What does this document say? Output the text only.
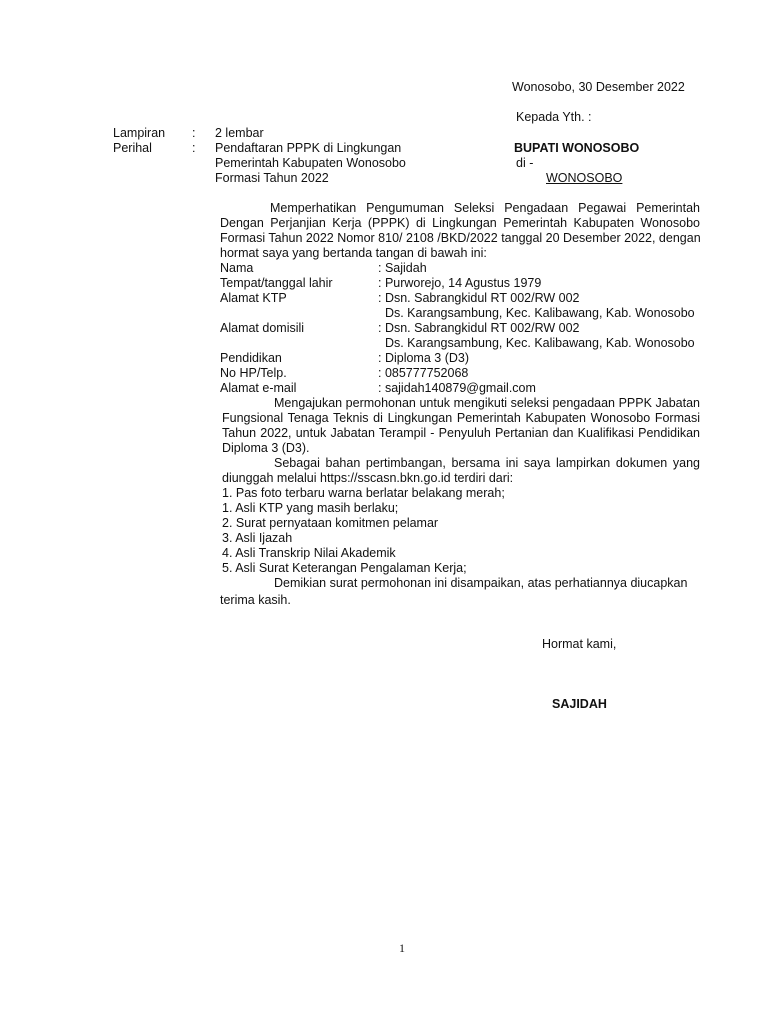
Wonosobo, 30 Desember 2022
Kepada Yth. :
BUPATI WONOSOBO
di -
WONOSOBO
Lampiran : 2 lembar
Perihal	: Pendaftaran PPPK di Lingkungan
Pemerintah Kabupaten Wonosobo
Formasi Tahun 2022
Memperhatikan Pengumuman Seleksi Pengadaan Pegawai Pemerintah
Dengan Perjanjian Kerja (PPPK) di Lingkungan Pemerintah Kabupaten Wonosobo
Formasi Tahun 2022 Nomor 810/ 2108 /BKD/2022 tanggal 20 Desember 2022, dengan
hormat saya yang bertanda tangan di bawah ini:
Nama	: Sajidah
Tempat/tanggal lahir	: Purworejo, 14 Agustus 1979
Alamat KTP	: Dsn. Sabrangkidul RT 002/RW 002
Ds. Karangsambung, Kec. Kalibawang, Kab. Wonosobo
Alamat domisili	: Dsn. Sabrangkidul RT 002/RW 002
Ds. Karangsambung, Kec. Kalibawang, Kab. Wonosobo
Pendidikan	: Diploma 3 (D3)
No HP/Telp.	: 085777752068
Alamat e-mail	: sajidah140879@gmail.com
Mengajukan permohonan untuk mengikuti seleksi pengadaan PPPK Jabatan
Fungsional Tenaga Teknis di Lingkungan Pemerintah Kabupaten Wonosobo Formasi
Tahun 2022, untuk Jabatan Terampil - Penyuluh Pertanian dan Kualifikasi Pendidikan
Diploma 3 (D3).
Sebagai bahan pertimbangan, bersama ini saya lampirkan dokumen yang
diunggah melalui https://sscasn.bkn.go.id terdiri dari:
1. Pas foto terbaru warna berlatar belakang merah;
1. Asli KTP yang masih berlaku;
2. Surat pernyataan komitmen pelamar
3. Asli Ijazah
4. Asli Transkrip Nilai Akademik
5. Asli Surat Keterangan Pengalaman Kerja;
Demikian surat permohonan ini disampaikan, atas perhatiannya diucapkan
terima kasih.
Hormat kami,
SAJIDAH
1
